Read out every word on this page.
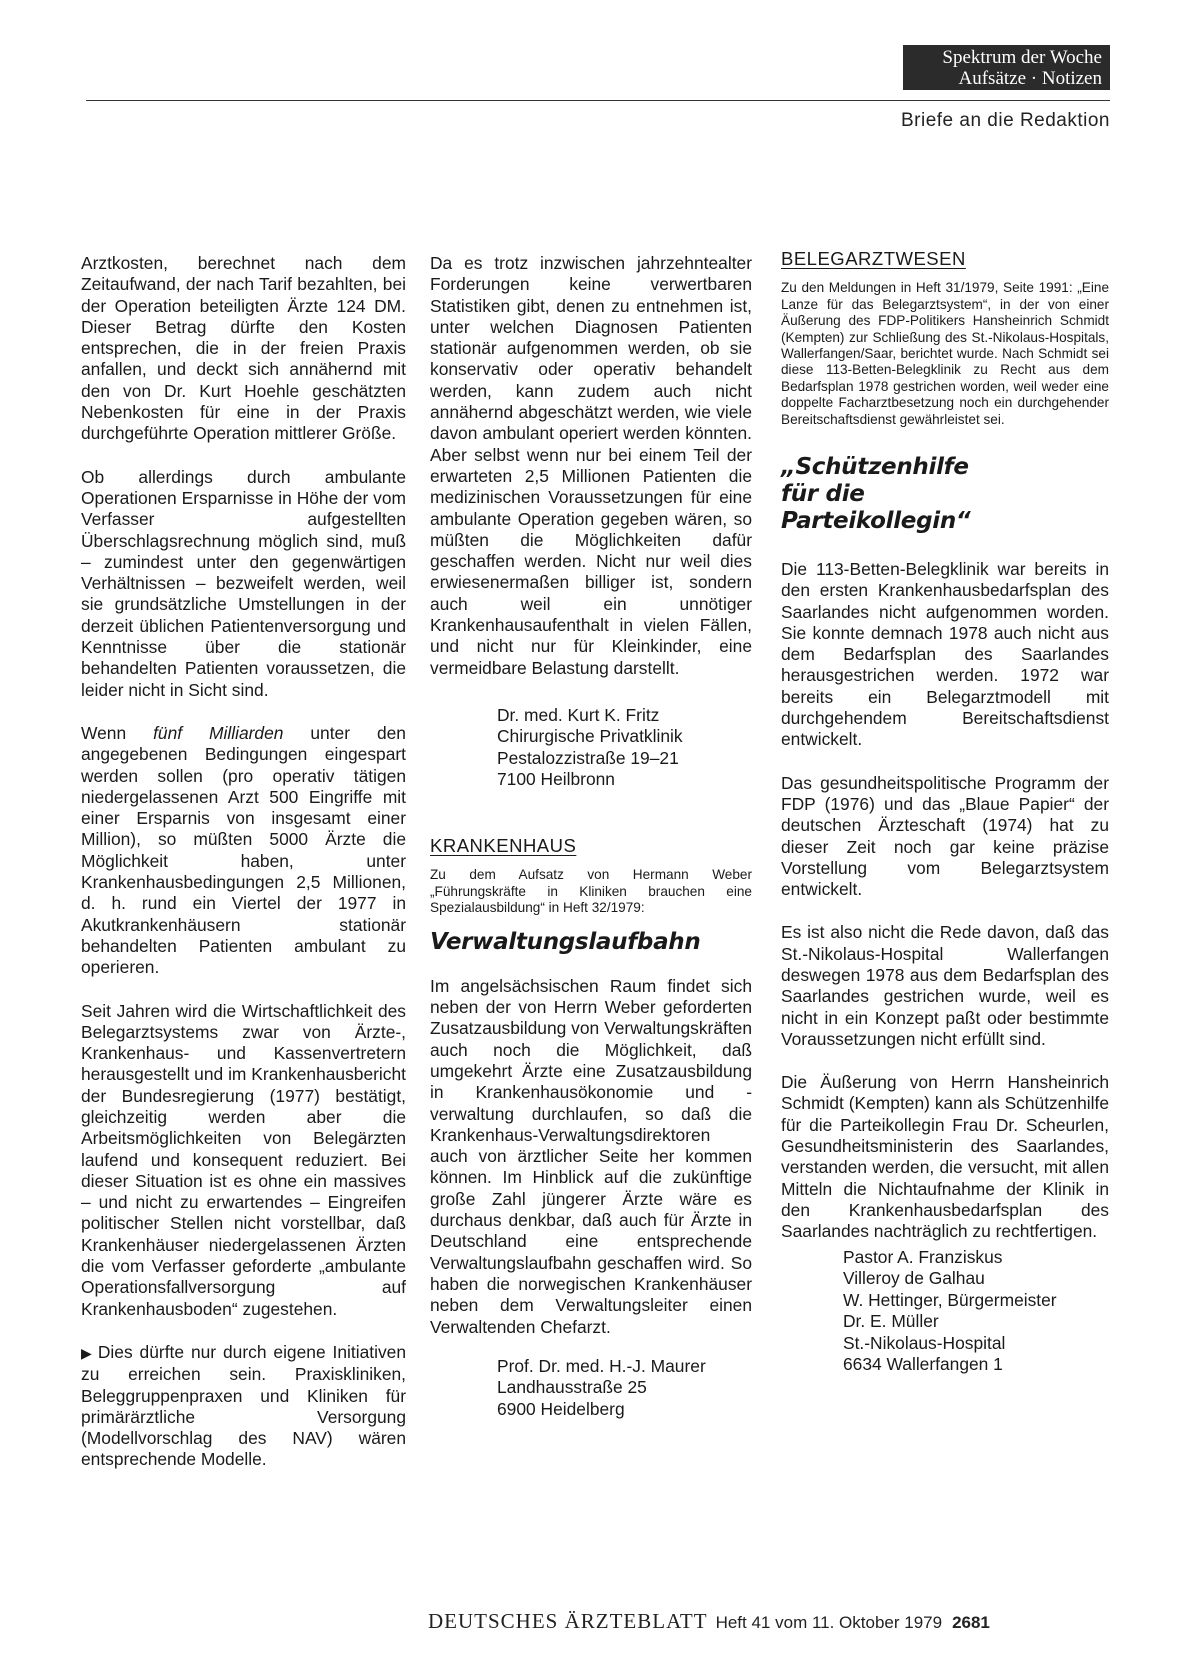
Spektrum der Woche
Aufsätze · Notizen
Briefe an die Redaktion

Arztkosten, berechnet nach dem Zeitaufwand, der nach Tarif bezahlten, bei der Operation beteiligten Ärzte 124 DM. Dieser Betrag dürfte den Kosten entsprechen, die in der freien Praxis anfallen, und deckt sich annähernd mit den von Dr. Kurt Hoehle geschätzten Nebenkosten für eine in der Praxis durchgeführte Operation mittlerer Größe.

Ob allerdings durch ambulante Operationen Ersparnisse in Höhe der vom Verfasser aufgestellten Überschlagsrechnung möglich sind, muß – zumindest unter den gegenwärtigen Verhältnissen – bezweifelt werden, weil sie grundsätzliche Umstellungen in der derzeit üblichen Patientenversorgung und Kenntnisse über die stationär behandelten Patienten voraussetzen, die leider nicht in Sicht sind.

Wenn fünf Milliarden unter den angegebenen Bedingungen eingespart werden sollen (pro operativ tätigen niedergelassenen Arzt 500 Eingriffe mit einer Ersparnis von insgesamt einer Million), so müßten 5000 Ärzte die Möglichkeit haben, unter Krankenhausbedingungen 2,5 Millionen, d. h. rund ein Viertel der 1977 in Akutkrankenhäusern stationär behandelten Patienten ambulant zu operieren.

Seit Jahren wird die Wirtschaftlichkeit des Belegarztsystems zwar von Ärzte-, Krankenhaus- und Kassenvertretern herausgestellt und im Krankenhausbericht der Bundesregierung (1977) bestätigt, gleichzeitig werden aber die Arbeitsmöglichkeiten von Belegärzten laufend und konsequent reduziert. Bei dieser Situation ist es ohne ein massives – und nicht zu erwartendes – Eingreifen politischer Stellen nicht vorstellbar, daß Krankenhäuser niedergelassenen Ärzten die vom Verfasser geforderte „ambulante Operationsfallversorgung auf Krankenhausboden“ zugestehen.

▶ Dies dürfte nur durch eigene Initiativen zu erreichen sein. Praxiskliniken, Beleggruppenpraxen und Kliniken für primärärztliche Versorgung (Modellvorschlag des NAV) wären entsprechende Modelle.

Da es trotz inzwischen jahrzehntealter Forderungen keine verwertbaren Statistiken gibt, denen zu entnehmen ist, unter welchen Diagnosen Patienten stationär aufgenommen werden, ob sie konservativ oder operativ behandelt werden, kann zudem auch nicht annähernd abgeschätzt werden, wie viele davon ambulant operiert werden könnten. Aber selbst wenn nur bei einem Teil der erwarteten 2,5 Millionen Patienten die medizinischen Voraussetzungen für eine ambulante Operation gegeben wären, so müßten die Möglichkeiten dafür geschaffen werden. Nicht nur weil dies erwiesenermaßen billiger ist, sondern auch weil ein unnötiger Krankenhausaufenthalt in vielen Fällen, und nicht nur für Kleinkinder, eine vermeidbare Belastung darstellt.

Dr. med. Kurt K. Fritz
Chirurgische Privatklinik
Pestalozzistraße 19–21
7100 Heilbronn
KRANKENHAUS
Zu dem Aufsatz von Hermann Weber „Führungskräfte in Kliniken brauchen eine Spezialausbildung“ in Heft 32/1979:
Verwaltungslaufbahn

Im angelsächsischen Raum findet sich neben der von Herrn Weber geforderten Zusatzausbildung von Verwaltungskräften auch noch die Möglichkeit, daß umgekehrt Ärzte eine Zusatzausbildung in Krankenhausökonomie und -verwaltung durchlaufen, so daß die Krankenhaus-Verwaltungsdirektoren auch von ärztlicher Seite her kommen können. Im Hinblick auf die zukünftige große Zahl jüngerer Ärzte wäre es durchaus denkbar, daß auch für Ärzte in Deutschland eine entsprechende Verwaltungslaufbahn geschaffen wird. So haben die norwegischen Krankenhäuser neben dem Verwaltungsleiter einen Verwaltenden Chefarzt.

Prof. Dr. med. H.-J. Maurer
Landhausstraße 25
6900 Heidelberg
BELEGARZTWESEN
Zu den Meldungen in Heft 31/1979, Seite 1991: „Eine Lanze für das Belegarztsystem“, in der von einer Äußerung des FDP-Politikers Hansheinrich Schmidt (Kempten) zur Schließung des St.-Nikolaus-Hospitals, Wallerfangen/Saar, berichtet wurde. Nach Schmidt sei diese 113-Betten-Belegklinik zu Recht aus dem Bedarfsplan 1978 gestrichen worden, weil weder eine doppelte Facharztbesetzung noch ein durchgehender Bereitschaftsdienst gewährleistet sei.
„Schützenhilfe
für die
Parteikollegin“

Die 113-Betten-Belegklinik war bereits in den ersten Krankenhausbedarfsplan des Saarlandes nicht aufgenommen worden. Sie konnte demnach 1978 auch nicht aus dem Bedarfsplan des Saarlandes herausgestrichen werden. 1972 war bereits ein Belegarztmodell mit durchgehendem Bereitschaftsdienst entwickelt.

Das gesundheitspolitische Programm der FDP (1976) und das „Blaue Papier“ der deutschen Ärzteschaft (1974) hat zu dieser Zeit noch gar keine präzise Vorstellung vom Belegarztsystem entwickelt.

Es ist also nicht die Rede davon, daß das St.-Nikolaus-Hospital Wallerfangen deswegen 1978 aus dem Bedarfsplan des Saarlandes gestrichen wurde, weil es nicht in ein Konzept paßt oder bestimmte Voraussetzungen nicht erfüllt sind.

Die Äußerung von Herrn Hansheinrich Schmidt (Kempten) kann als Schützenhilfe für die Parteikollegin Frau Dr. Scheurlen, Gesundheitsministerin des Saarlandes, verstanden werden, die versucht, mit allen Mitteln die Nichtaufnahme der Klinik in den Krankenhausbedarfsplan des Saarlandes nachträglich zu rechtfertigen.

Pastor A. Franziskus
Villeroy de Galhau
W. Hettinger, Bürgermeister
Dr. E. Müller
St.-Nikolaus-Hospital
6634 Wallerfangen 1
DEUTSCHES ÄRZTEBLATT Heft 41 vom 11. Oktober 1979 2681
